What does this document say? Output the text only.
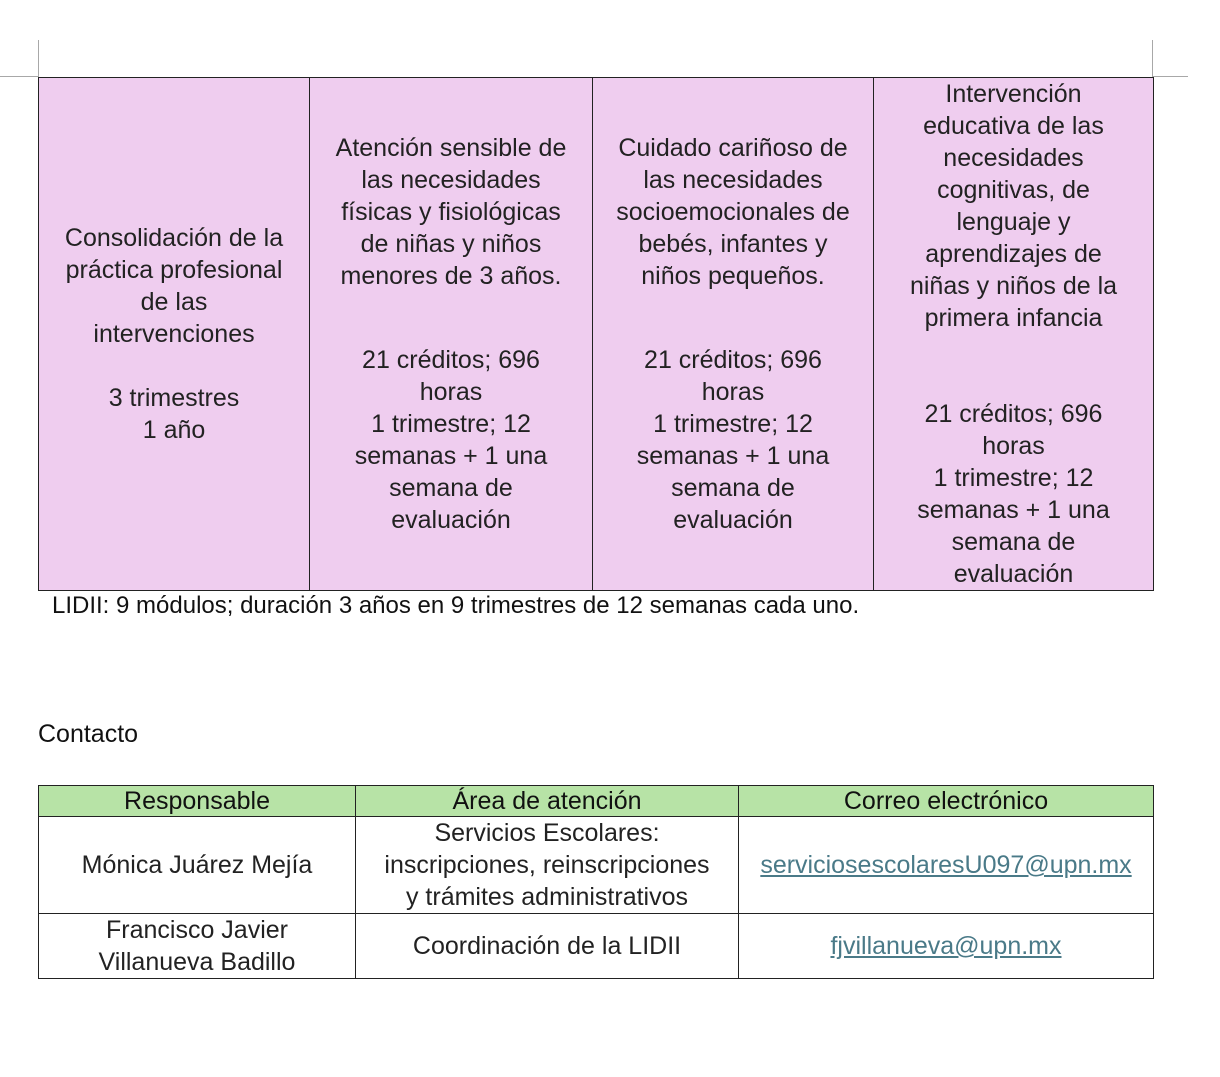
Consolidación de la
práctica profesional
de las
intervenciones
3 trimestres
1 año

Atención sensible de
las necesidades
físicas y fisiológicas
de niñas y niños
menores de 3 años.
21 créditos; 696
horas
1 trimestre; 12
semanas + 1 una
semana de
evaluación

Cuidado cariñoso de
las necesidades
socioemocionales de
bebés, infantes y
niños pequeños.
21 créditos; 696
horas
1 trimestre; 12
semanas + 1 una
semana de
evaluación

Intervención
educativa de las
necesidades
cognitivas, de
lenguaje y
aprendizajes de
niñas y niños de la
primera infancia
21 créditos; 696
horas
1 trimestre; 12
semanas + 1 una
semana de
evaluación
LIDII: 9 módulos; duración 3 años en 9 trimestres de 12 semanas cada uno.
Contacto
Responsable	Área de atención	Correo electrónico

Mónica Juárez Mejía	Servicios Escolares:
inscripciones, reinscripciones
y trámites administrativos	serviciosescolaresU097@upn.mx

Francisco Javier
Villanueva Badillo	Coordinación de la LIDII	fjvillanueva@upn.mx
